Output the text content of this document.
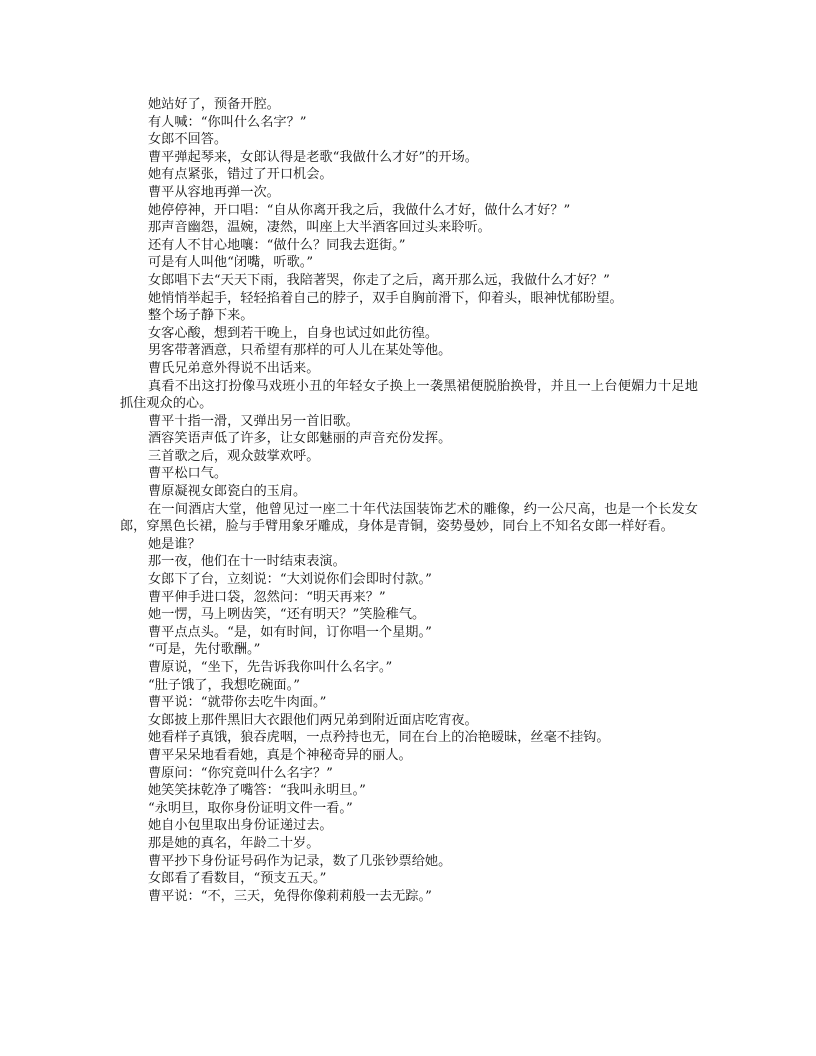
她站好了，预备开腔。

有人喊：“你叫什么名字？”

女郎不回答。

曹平弹起琴来，女郎认得是老歌“我做什么才好”的开场。

她有点紧张，错过了开口机会。

曹平从容地再弹一次。

她停停神，开口唱：“自从你离开我之后，我做什么才好，做什么才好？”

那声音幽怨，温婉，凄然，叫座上大半酒客回过头来聆听。

还有人不甘心地嚷：“做什么？同我去逛街。”

可是有人叫他“闭嘴，听歌。”

女郎唱下去“天天下雨，我陪著哭，你走了之后，离开那么远，我做什么才好？”

她悄悄举起手，轻轻掐着自己的脖子，双手自胸前滑下，仰着头，眼神忧郁盼望。

整个场子静下来。

女客心酸，想到若干晚上，自身也试过如此彷徨。

男客带著酒意，只希望有那样的可人儿在某处等他。

曹氏兄弟意外得说不出话来。

真看不出这打扮像马戏班小丑的年轻女子换上一袭黑裙便脱胎换骨，并且一上台便媚力十足地抓住观众的心。

曹平十指一滑，又弹出另一首旧歌。

酒容笑语声低了许多，让女郎魅丽的声音充份发挥。

三首歌之后，观众鼓掌欢呼。

曹平松口气。

曹原凝视女郎瓷白的玉肩。

在一间酒店大堂，他曾见过一座二十年代法国装饰艺术的雕像，约一公尺高，也是一个长发女郎，穿黑色长裙，脸与手臂用象牙雕成，身体是青铜，姿势曼妙，同台上不知名女郎一样好看。

她是谁？

那一夜，他们在十一时结束表演。

女郎下了台，立刻说：“大刘说你们会即时付款。”

曹平伸手进口袋，忽然问：“明天再来？”

她一愣，马上咧齿笑，“还有明天？”笑脸稚气。

曹平点点头。“是，如有时间，订你唱一个星期。”

“可是，先付歌酬。”

曹原说，“坐下，先告诉我你叫什么名字。”

“肚子饿了，我想吃碗面。”

曹平说：“就带你去吃牛肉面。”

女郎披上那件黑旧大衣跟他们两兄弟到附近面店吃宵夜。

她看样子真饿，狼吞虎咽，一点矜持也无，同在台上的冶艳暧昧，丝毫不挂钩。

曹平呆呆地看看她，真是个神秘奇异的丽人。

曹原问：“你究竟叫什么名字？”

她笑笑抹乾净了嘴答：“我叫永明旦。”

“永明旦，取你身份证明文件一看。”

她自小包里取出身份证递过去。

那是她的真名，年龄二十岁。

曹平抄下身份证号码作为记录，数了几张钞票给她。

女郎看了看数目，“预支五天。”

曹平说：“不，三天，免得你像莉莉般一去无踪。”
